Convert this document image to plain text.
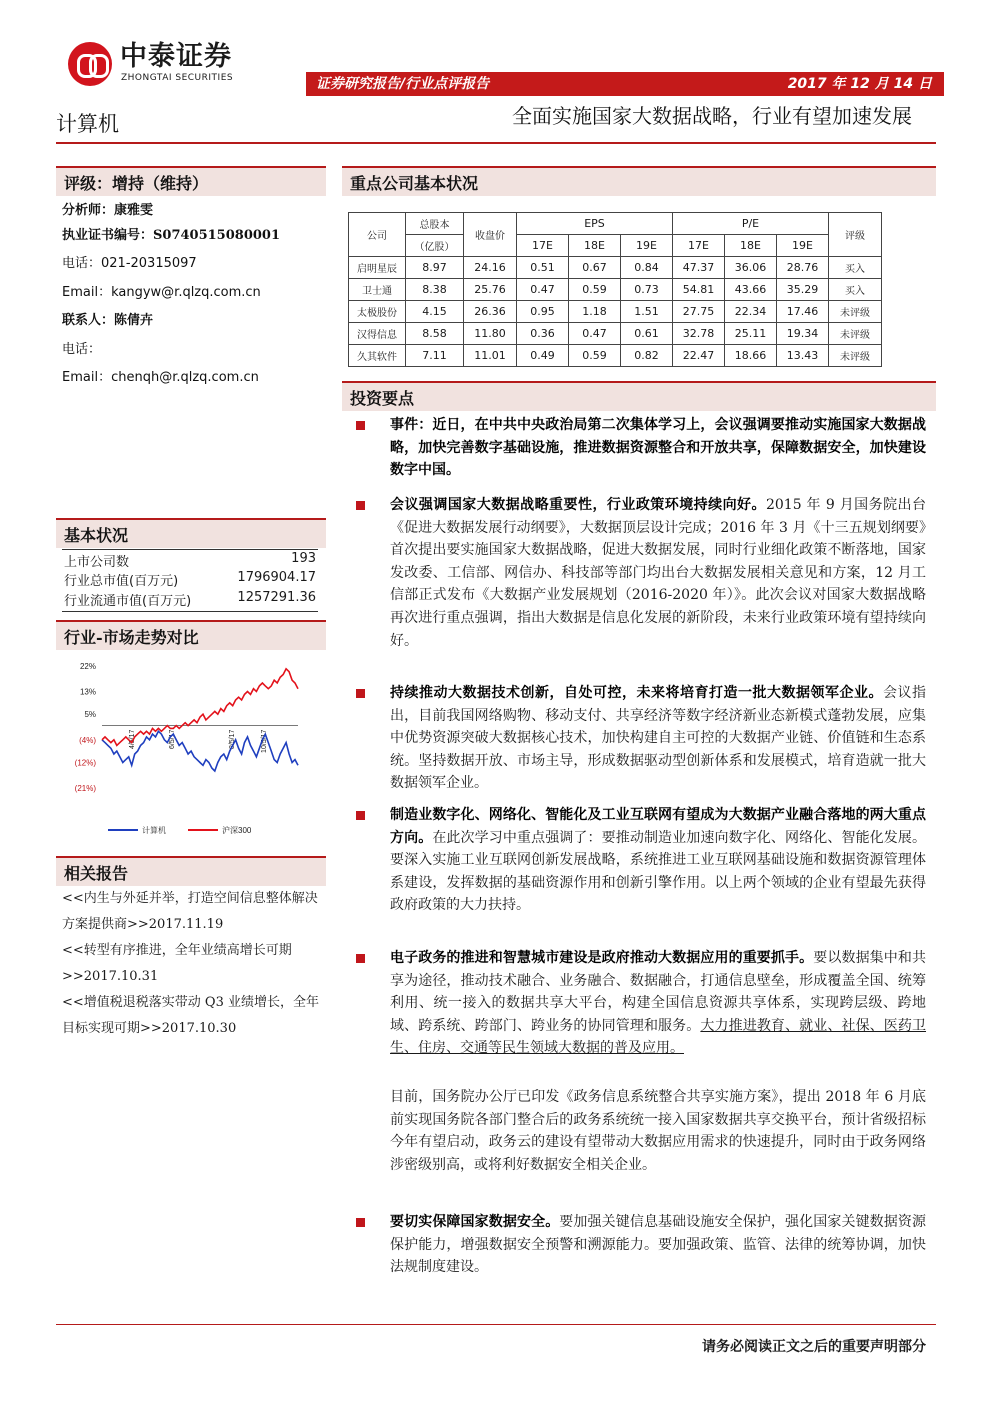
中泰证券
ZHONGTAI SECURITIES	证券研究报告/行业点评报告	2017 年 12 月 14 日
计算机	全面实施国家大数据战略，行业有望加速发展
评级：增持（维持）
分析师：康雅雯
执业证书编号：S0740515080001
电话：021-20315097
Email：kangyw@r.qlzq.com.cn
联系人：陈倩卉
电话：
Email：chenqh@r.qlzq.com.cn
基本状况
上市公司数	193
行业总市值(百万元)	1796904.17
行业流通市值(百万元)	1257291.36
行业-市场走势对比
22%
13%
5%
(4%)
(12%)
(21%)
4/5/17	6/5/17	8/5/17	10/5/17
计算机	沪深300
相关报告
<<内生与外延并举，打造空间信息整体解决方案提供商>>2017.11.19
<<转型有序推进，全年业绩高增长可期>>2017.10.31
<<增值税退税落实带动 Q3 业绩增长，全年目标实现可期>>2017.10.30
重点公司基本状况
公司	总股本	收盘价	EPS			P/E			评级
	（亿股）		17E	18E	19E	17E	18E	19E	
启明星辰	8.97	24.16	0.51	0.67	0.84	47.37	36.06	28.76	买入
卫士通	8.38	25.76	0.47	0.59	0.73	54.81	43.66	35.29	买入
太极股份	4.15	26.36	0.95	1.18	1.51	27.75	22.34	17.46	未评级
汉得信息	8.58	11.80	0.36	0.47	0.61	32.78	25.11	19.34	未评级
久其软件	7.11	11.01	0.49	0.59	0.82	22.47	18.66	13.43	未评级
投资要点
事件：近日，在中共中央政治局第二次集体学习上，会议强调要推动实施国家大数据战略，加快完善数字基础设施，推进数据资源整合和开放共享，保障数据安全，加快建设数字中国。
会议强调国家大数据战略重要性，行业政策环境持续向好。2015 年 9 月国务院出台《促进大数据发展行动纲要》，大数据顶层设计完成；2016 年 3 月《十三五规划纲要》首次提出要实施国家大数据战略，促进大数据发展，同时行业细化政策不断落地，国家发改委、工信部、网信办、科技部等部门均出台大数据发展相关意见和方案，12 月工信部正式发布《大数据产业发展规划（2016-2020 年）》。此次会议对国家大数据战略再次进行重点强调，指出大数据是信息化发展的新阶段，未来行业政策环境有望持续向好。
持续推动大数据技术创新，自处可控，未来将培育打造一批大数据领军企业。会议指出，目前我国网络购物、移动支付、共享经济等数字经济新业态新模式蓬勃发展，应集中优势资源突破大数据核心技术，加快构建自主可控的大数据产业链、价值链和生态系统。坚持数据开放、市场主导，形成数据驱动型创新体系和发展模式，培育造就一批大数据领军企业。
制造业数字化、网络化、智能化及工业互联网有望成为大数据产业融合落地的两大重点方向。在此次学习中重点强调了：要推动制造业加速向数字化、网络化、智能化发展。要深入实施工业互联网创新发展战略，系统推进工业互联网基础设施和数据资源管理体系建设，发挥数据的基础资源作用和创新引擎作用。以上两个领域的企业有望最先获得政府政策的大力扶持。
电子政务的推进和智慧城市建设是政府推动大数据应用的重要抓手。要以数据集中和共享为途径，推动技术融合、业务融合、数据融合，打通信息壁垒，形成覆盖全国、统筹利用、统一接入的数据共享大平台，构建全国信息资源共享体系，实现跨层级、跨地域、跨系统、跨部门、跨业务的协同管理和服务。大力推进教育、就业、社保、医药卫生、住房、交通等民生领域大数据的普及应用。
目前，国务院办公厅已印发《政务信息系统整合共享实施方案》，提出 2018 年 6 月底前实现国务院各部门整合后的政务系统统一接入国家数据共享交换平台，预计省级招标今年有望启动，政务云的建设有望带动大数据应用需求的快速提升，同时由于政务网络涉密级别高，或将利好数据安全相关企业。
要切实保障国家数据安全。要加强关键信息基础设施安全保护，强化国家关键数据资源保护能力，增强数据安全预警和溯源能力。要加强政策、监管、法律的统筹协调，加快法规制度建设。
请务必阅读正文之后的重要声明部分
